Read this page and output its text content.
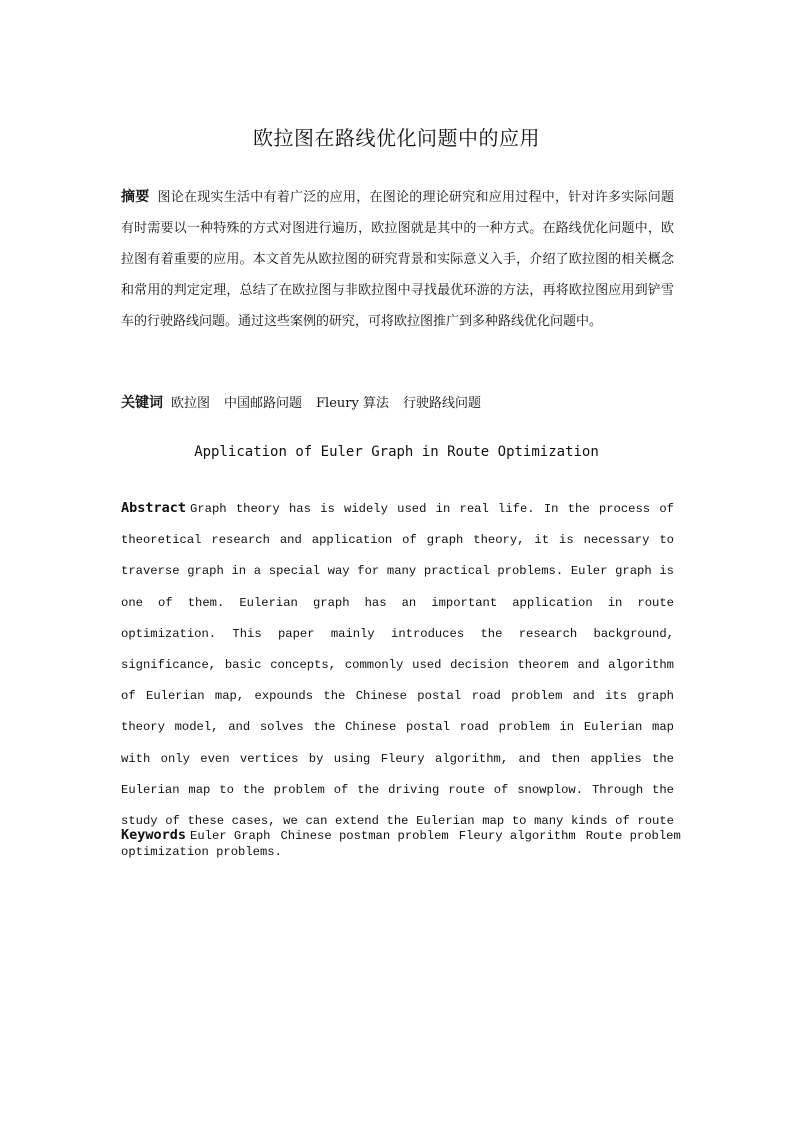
欧拉图在路线优化问题中的应用
摘要 图论在现实生活中有着广泛的应用，在图论的理论研究和应用过程中，针对许多实际问题有时需要以一种特殊的方式对图进行遍历，欧拉图就是其中的一种方式。在路线优化问题中，欧拉图有着重要的应用。本文首先从欧拉图的研究背景和实际意义入手，介绍了欧拉图的相关概念和常用的判定定理，总结了在欧拉图与非欧拉图中寻找最优环游的方法，再将欧拉图应用到铲雪车的行驶路线问题。通过这些案例的研究，可将欧拉图推广到多种路线优化问题中。
关键词 欧拉图 中国邮路问题 Fleury 算法 行驶路线问题
Application of Euler Graph in Route Optimization
Abstract Graph theory has is widely used in real life. In the process of theoretical research and application of graph theory, it is necessary to traverse graph in a special way for many practical problems. Euler graph is one of them. Eulerian graph has an important application in route optimization. This paper mainly introduces the research background, significance, basic concepts, commonly used decision theorem and algorithm of Eulerian map, expounds the Chinese postal road problem and its graph theory model, and solves the Chinese postal road problem in Eulerian map with only even vertices by using Fleury algorithm, and then applies the Eulerian map to the problem of the driving route of snowplow. Through the study of these cases, we can extend the Eulerian map to many kinds of route optimization problems.
Keywords Euler Graph Chinese postman problem Fleury algorithm Route problem
